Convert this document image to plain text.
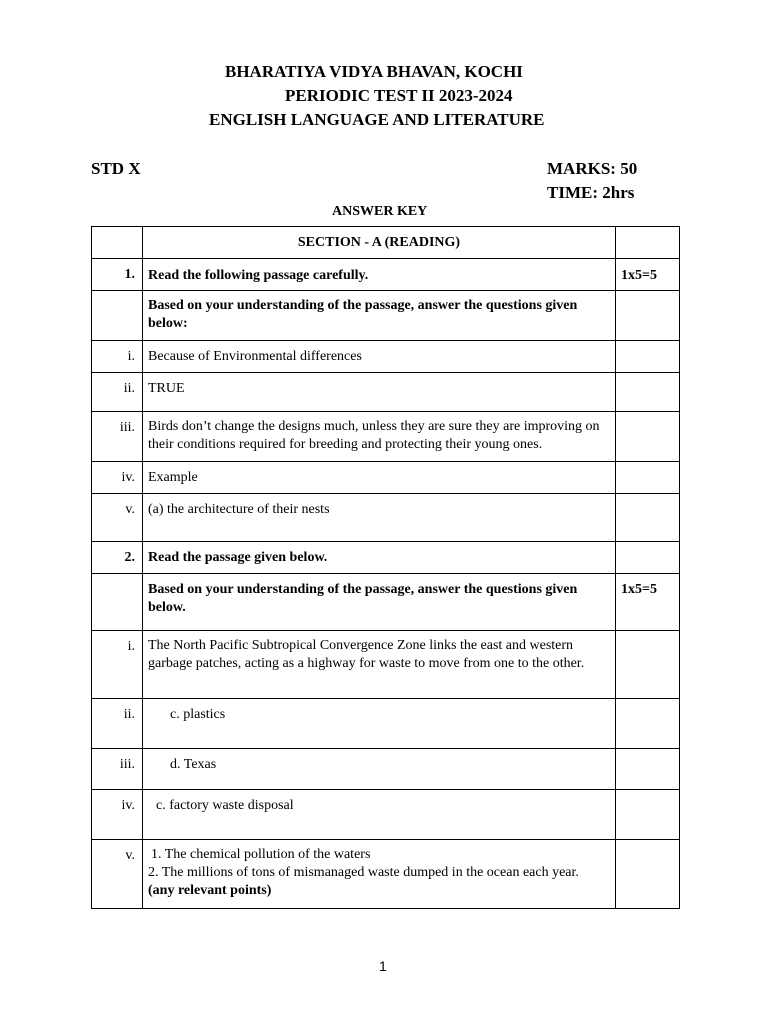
BHARATIYA VIDYA BHAVAN, KOCHI
PERIODIC TEST II 2023-2024
ENGLISH LANGUAGE AND LITERATURE
STD X	MARKS: 50
TIME: 2hrs
ANSWER KEY
	SECTION - A (READING)	
1.	Read the following passage carefully.	1x5=5
	Based on your understanding of the passage, answer the questions given below:	
i.	Because of Environmental differences	
ii.	TRUE	
iii.	Birds don’t change the designs much, unless they are sure they are improving on their conditions required for breeding and protecting their young ones.	
iv.	Example	
v.	(a) the architecture of their nests	
2.	Read the passage given below.	
	Based on your understanding of the passage, answer the questions given below.	1x5=5
i.	The North Pacific Subtropical Convergence Zone links the east and western garbage patches, acting as a highway for waste to move from one to the other.	
ii.	c. plastics	
iii.	d. Texas	
iv.	c. factory waste disposal	
v.	1. The chemical pollution of the waters
2. The millions of tons of mismanaged waste dumped in the ocean each year.  (any relevant points)	

1
